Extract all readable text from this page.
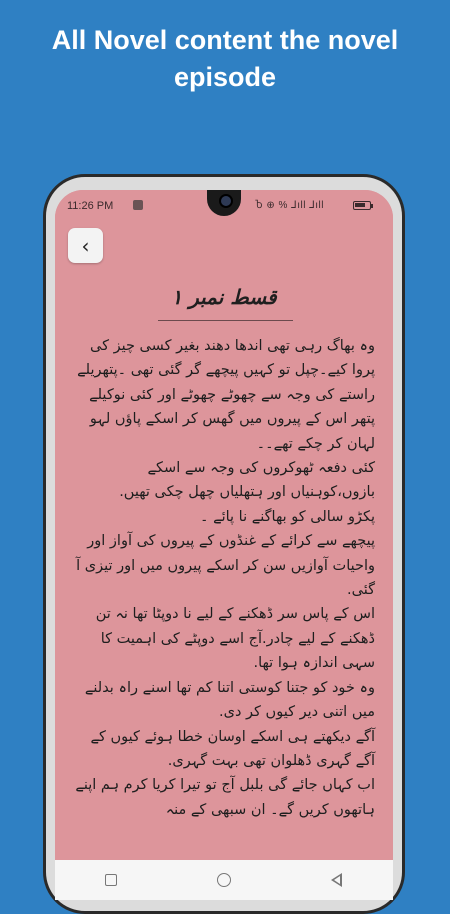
All Novel content the novel episode
11:26 PM	Ⴆ ⊕ % ⅃ıll ⅃ıll
‹
قسط نمبر ۱

وہ بھاگ رہی تھی اندھا دھند بغیر کسی چیز کی پروا کیے۔چپل تو کہیں پیچھے گر گئی تھی ۔پتھریلے راستے کی وجہ سے چھوٹے چھوٹے اور کئی نوکیلے پتھر اس کے پیروں میں گھس کر اسکے پاؤں لہو لہان کر چکے تھے۔۔

کئی دفعہ ٹھوکروں کی وجہ سے اسکے بازوں،کوہنیاں اور ہتھلیاں چھل چکی تھیں.

پکڑو سالی کو بھاگنے نا پائے ۔

پیچھے سے کرائے کے غنڈوں کے پیروں کی آواز اور واحیات آوازیں سن کر اسکے پیروں میں اور تیزی آ گئی.

اس کے پاس سر ڈھکنے کے لیے نا دوپٹا تھا نہ تن ڈھکنے کے لیے چادر.آج اسے دوپٹے کی اہمیت کا سہی اندازہ ہوا تھا.

وہ خود کو جتنا کوستی اتنا کم تھا اسنے راہ بدلنے میں اتنی دیر کیوں کر دی.

آگے دیکھتے ہی اسکے اوسان خطا ہوئے کیوں کے آگے گہری ڈھلوان تھی بہت گہری.

اب کہاں جائے گی بلبل آج تو تیرا کریا کرم ہم اپنے ہاتھوں کریں گے۔ ان سبھی کے منہ
